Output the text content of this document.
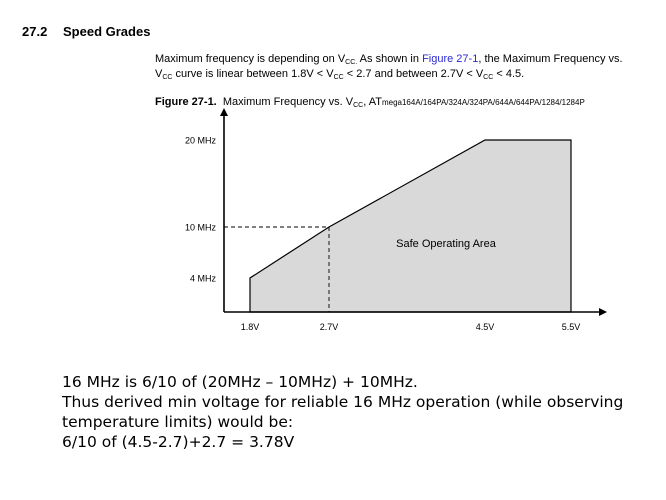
27.2 Speed Grades
Maximum frequency is depending on $V_{CC.}$ As shown in Figure 27-1, the Maximum Frequency vs.
$V_{CC}$ curve is linear between $1.8V < V_{CC} < 2.7$ and between $2.7V < V_{CC} < 4.5$.
Figure 27-1. Maximum Frequency vs. $V_{CC}$, ATmega164A/164PA/324A/324PA/644A/644PA/1284/1284P
4 MHz
10 MHz
20 MHz
1.8V	2.7V	4.5V	5.5V
Safe Operating Area
16 MHz is 6/10 of (20MHz – 10MHz) + 10MHz.
Thus derived min voltage for reliable 16 MHz operation (while observing temperature limits) would be:
6/10 of (4.5-2.7)+2.7 = 3.78V
